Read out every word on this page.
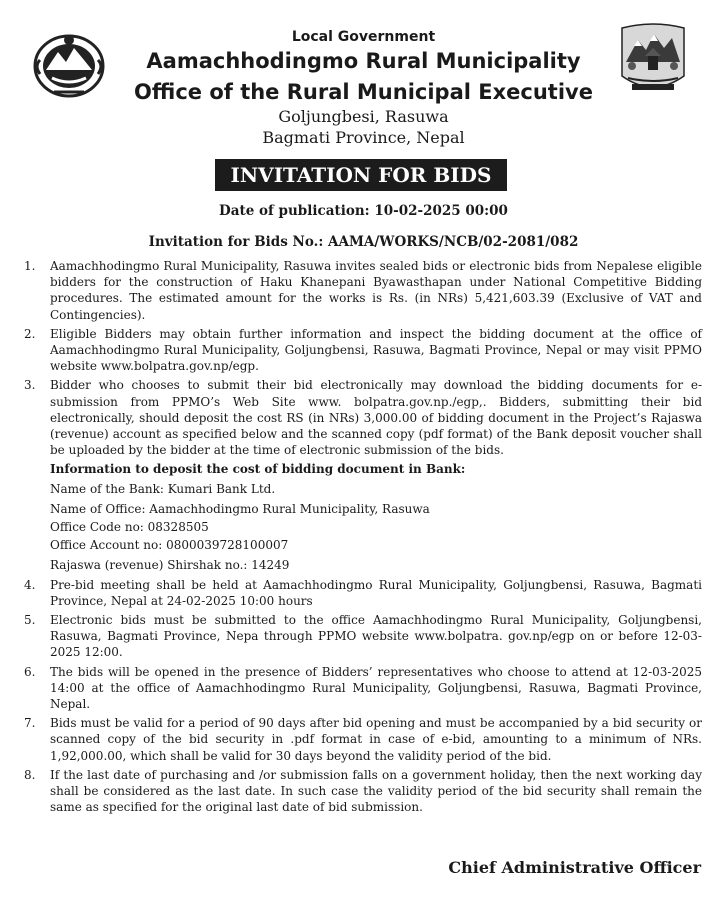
Local Government
Aamachhodingmo Rural Municipality
Office of the Rural Municipal Executive
Goljungbesi, Rasuwa
Bagmati Province, Nepal
INVITATION FOR BIDS
Date of publication: 10-02-2025 00:00
Invitation for Bids No.: AAMA/WORKS/NCB/02-2081/082
1. Aamachhodingmo Rural Municipality, Rasuwa invites sealed bids or electronic bids from Nepalese eligible bidders for the construction of Haku Khanepani Byawasthapan under National Competitive Bidding procedures. The estimated amount for the works is Rs. (in NRs) 5,421,603.39 (Exclusive of VAT and Contingencies).
2. Eligible Bidders may obtain further information and inspect the bidding document at the office of Aamachhodingmo Rural Municipality, Goljungbensi, Rasuwa, Bagmati Province, Nepal or may visit PPMO website www.bolpatra.gov.np/egp.
3. Bidder who chooses to submit their bid electronically may download the bidding documents for e-submission from PPMO’s Web Site www. bolpatra.gov.np./egp,. Bidders, submitting their bid electronically, should deposit the cost RS (in NRs) 3,000.00 of bidding document in the Project’s Rajaswa (revenue) account as specified below and the scanned copy (pdf format) of the Bank deposit voucher shall be uploaded by the bidder at the time of electronic submission of the bids.
Information to deposit the cost of bidding document in Bank:
Name of the Bank: Kumari Bank Ltd.
Name of Office: Aamachhodingmo Rural Municipality, Rasuwa
Office Code no: 08328505
Office Account no: 0800039728100007
Rajaswa (revenue) Shirshak no.: 14249
4. Pre-bid meeting shall be held at Aamachhodingmo Rural Municipality, Goljungbensi, Rasuwa, Bagmati Province, Nepal at 24-02-2025 10:00 hours
5. Electronic bids must be submitted to the office Aamachhodingmo Rural Municipality, Goljungbensi, Rasuwa, Bagmati Province, Nepa through PPMO website www.bolpatra. gov.np/egp on or before 12-03-2025 12:00.
6. The bids will be opened in the presence of Bidders’ representatives who choose to attend at 12-03-2025 14:00 at the office of Aamachhodingmo Rural Municipality, Goljungbensi, Rasuwa, Bagmati Province, Nepal.
7. Bids must be valid for a period of 90 days after bid opening and must be accompanied by a bid security or scanned copy of the bid security in .pdf format in case of e-bid, amounting to a minimum of NRs. 1,92,000.00, which shall be valid for 30 days beyond the validity period of the bid.
8. If the last date of purchasing and /or submission falls on a government holiday, then the next working day shall be considered as the last date. In such case the validity period of the bid security shall remain the same as specified for the original last date of bid submission.
Chief Administrative Officer
